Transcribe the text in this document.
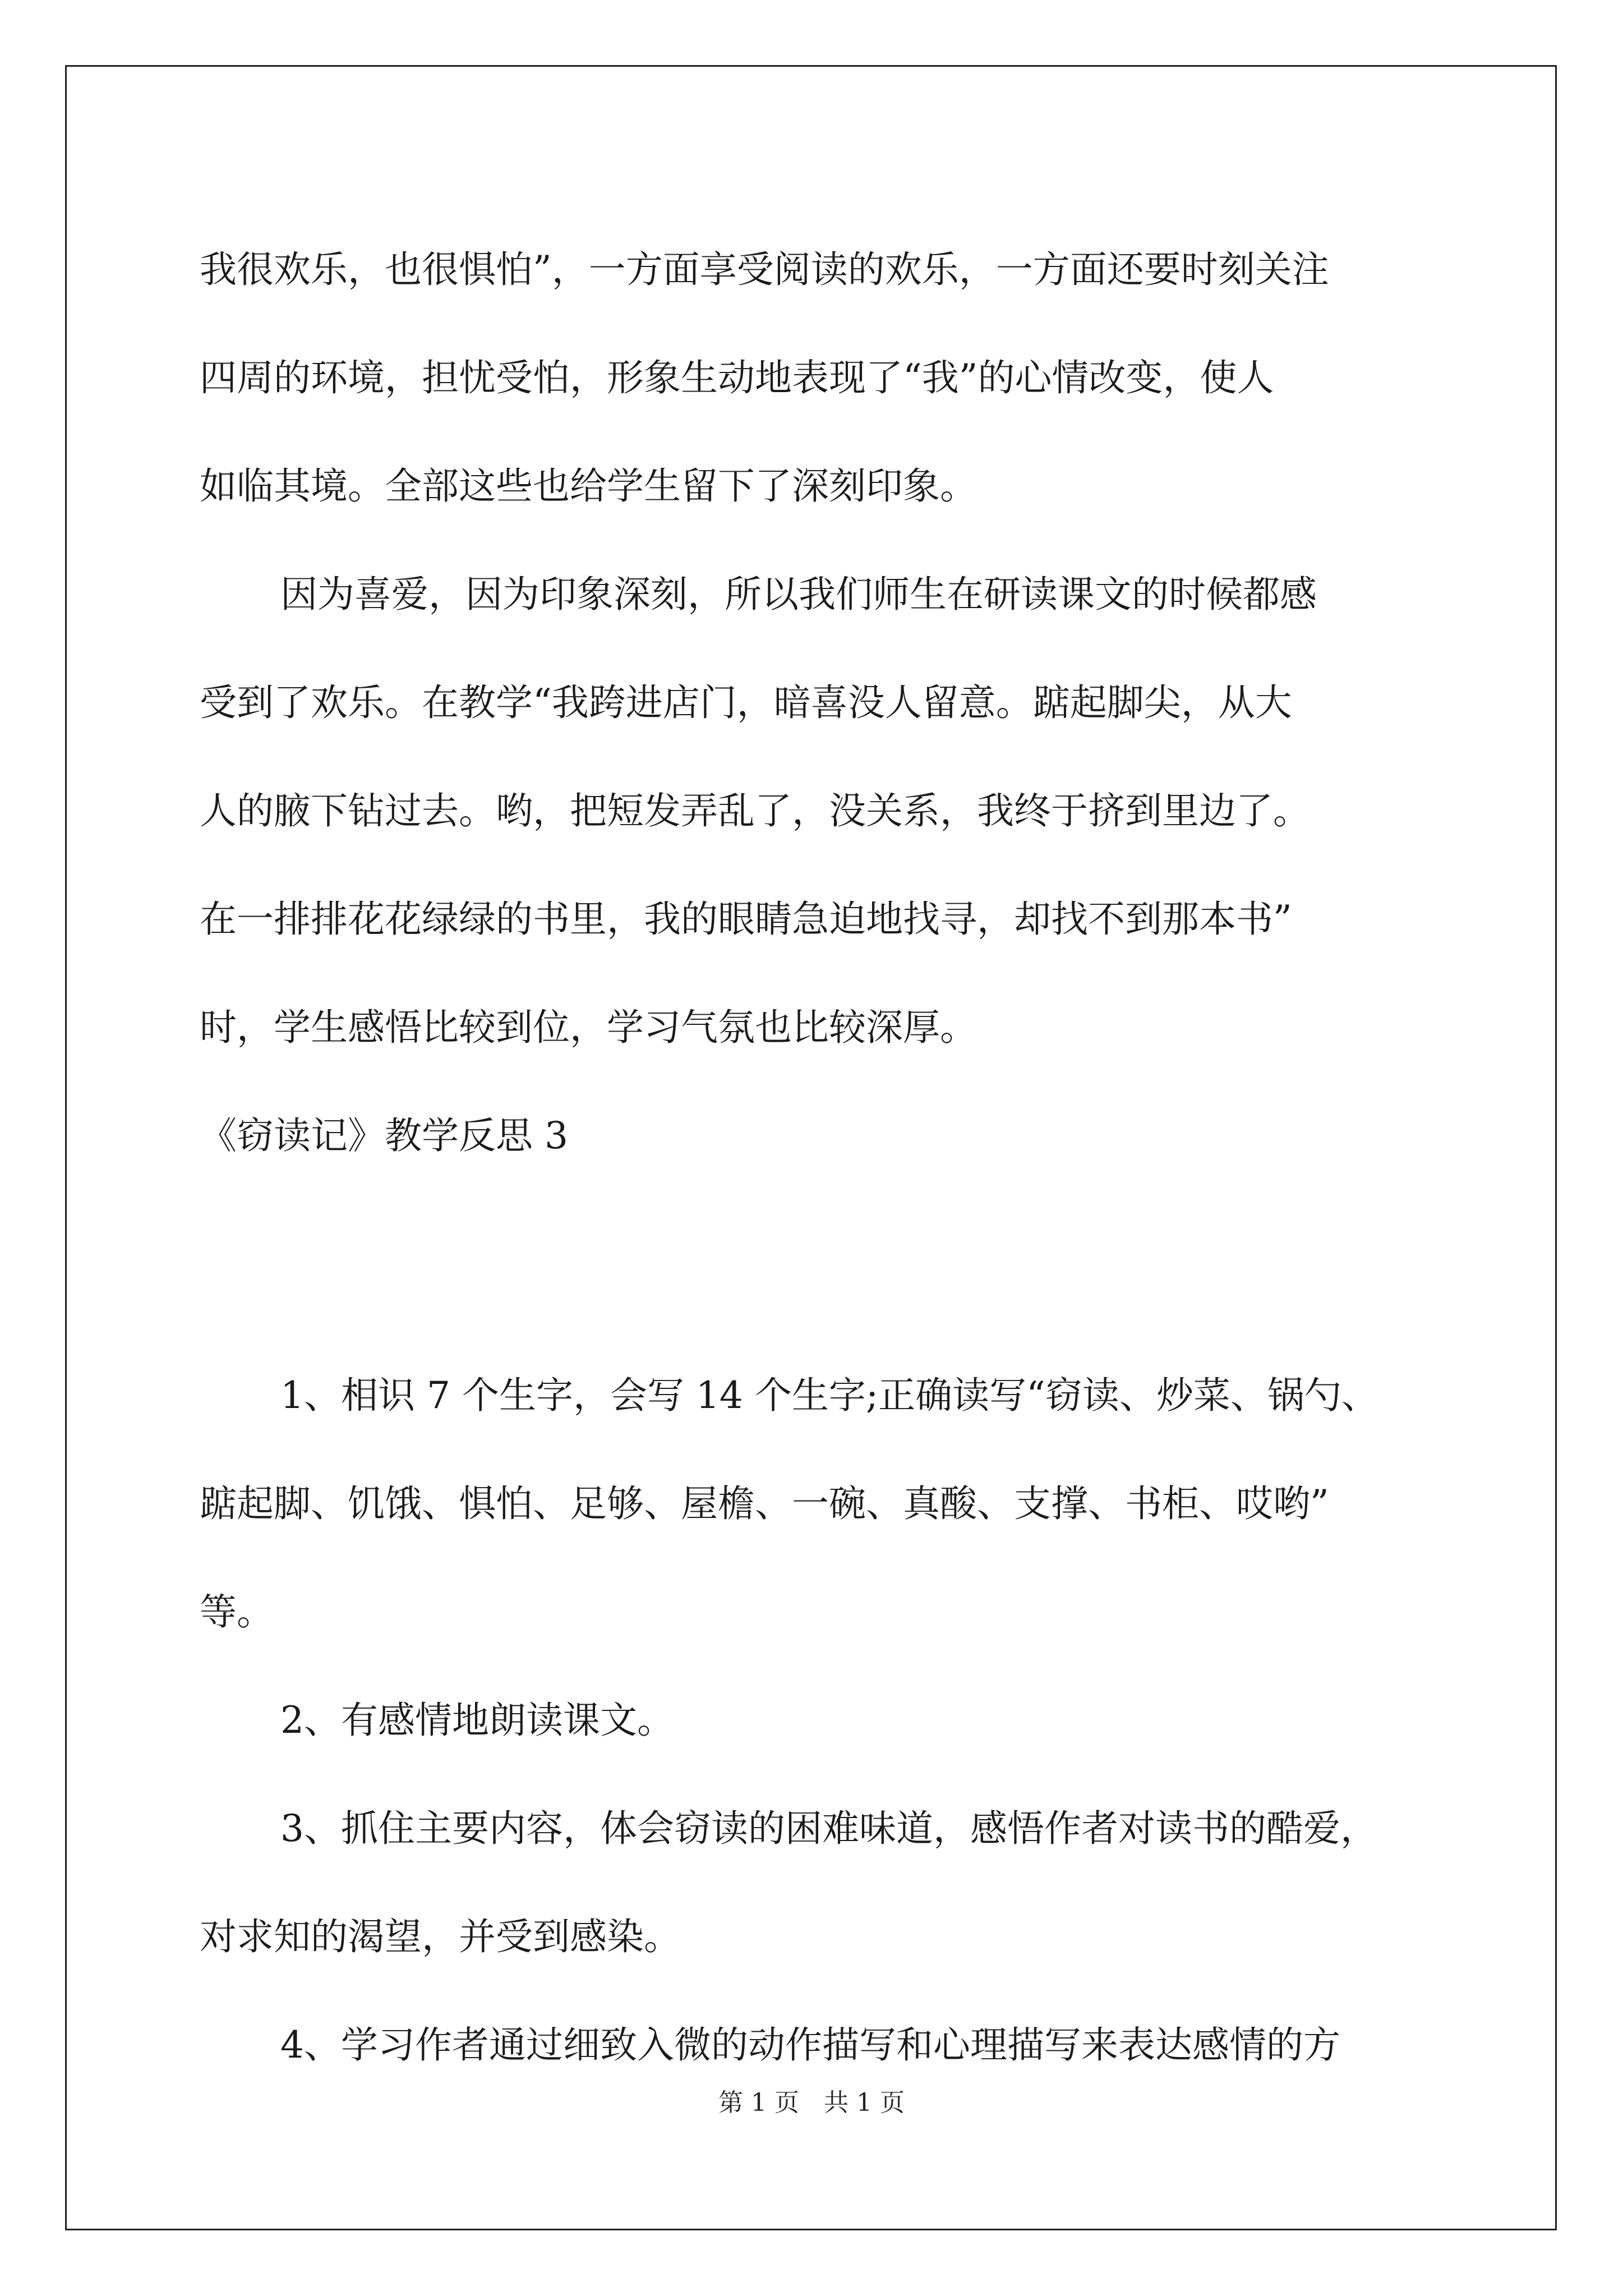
我很欢乐，也很惧怕”，一方面享受阅读的欢乐，一方面还要时刻关注
四周的环境，担忧受怕，形象生动地表现了“我”的心情改变，使人
如临其境。全部这些也给学生留下了深刻印象。
因为喜爱，因为印象深刻，所以我们师生在研读课文的时候都感
受到了欢乐。在教学“我跨进店门，暗喜没人留意。踮起脚尖，从大
人的腋下钻过去。哟，把短发弄乱了，没关系，我终于挤到里边了。
在一排排花花绿绿的书里，我的眼睛急迫地找寻，却找不到那本书”
时，学生感悟比较到位，学习气氛也比较深厚。
《窃读记》教学反思 3
1、相识 7 个生字，会写 14 个生字;正确读写“窃读、炒菜、锅勺、
踮起脚、饥饿、惧怕、足够、屋檐、一碗、真酸、支撑、书柜、哎哟”
等。
2、有感情地朗读课文。
3、抓住主要内容，体会窃读的困难味道，感悟作者对读书的酷爱，
对求知的渴望，并受到感染。
4、学习作者通过细致入微的动作描写和心理描写来表达感情的方
第 1 页 共 1 页
